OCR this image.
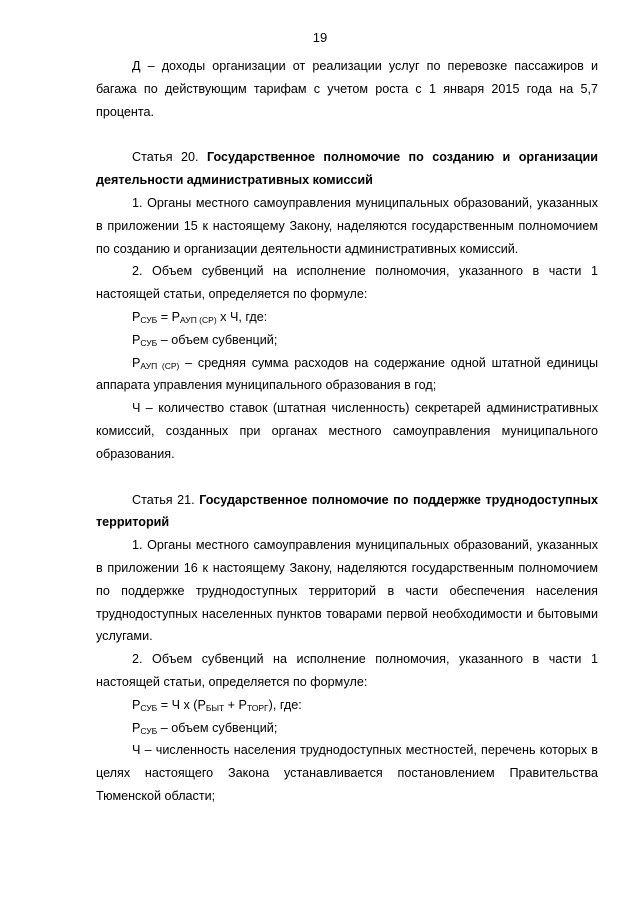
19

Д – доходы организации от реализации услуг по перевозке пассажиров и багажа по действующим тарифам с учетом роста с 1 января 2015 года на 5,7 процента.

Статья 20. Государственное полномочие по созданию и организации деятельности административных комиссий

1. Органы местного самоуправления муниципальных образований, указанных в приложении 15 к настоящему Закону, наделяются государственным полномочием по созданию и организации деятельности административных комиссий.

2. Объем субвенций на исполнение полномочия, указанного в части 1 настоящей статьи, определяется по формуле:

$Р_{СУБ} = Р_{АУП (СР)}$ х Ч, где:

$Р_{СУБ}$ – объем субвенций;

$Р_{АУП (СР)}$ – средняя сумма расходов на содержание одной штатной единицы аппарата управления муниципального образования в год;

Ч – количество ставок (штатная численность) секретарей административных комиссий, созданных при органах местного самоуправления муниципального образования.

Статья 21. Государственное полномочие по поддержке труднодоступных территорий

1. Органы местного самоуправления муниципальных образований, указанных в приложении 16 к настоящему Закону, наделяются государственным полномочием по поддержке труднодоступных территорий в части обеспечения населения труднодоступных населенных пунктов товарами первой необходимости и бытовыми услугами.

2. Объем субвенций на исполнение полномочия, указанного в части 1 настоящей статьи, определяется по формуле:

$Р_{СУБ} = Ч$ х $(Р_{БЫТ} + Р_{ТОРГ})$, где:

$Р_{СУБ}$ – объем субвенций;

Ч – численность населения труднодоступных местностей, перечень которых в целях настоящего Закона устанавливается постановлением Правительства Тюменской области;
